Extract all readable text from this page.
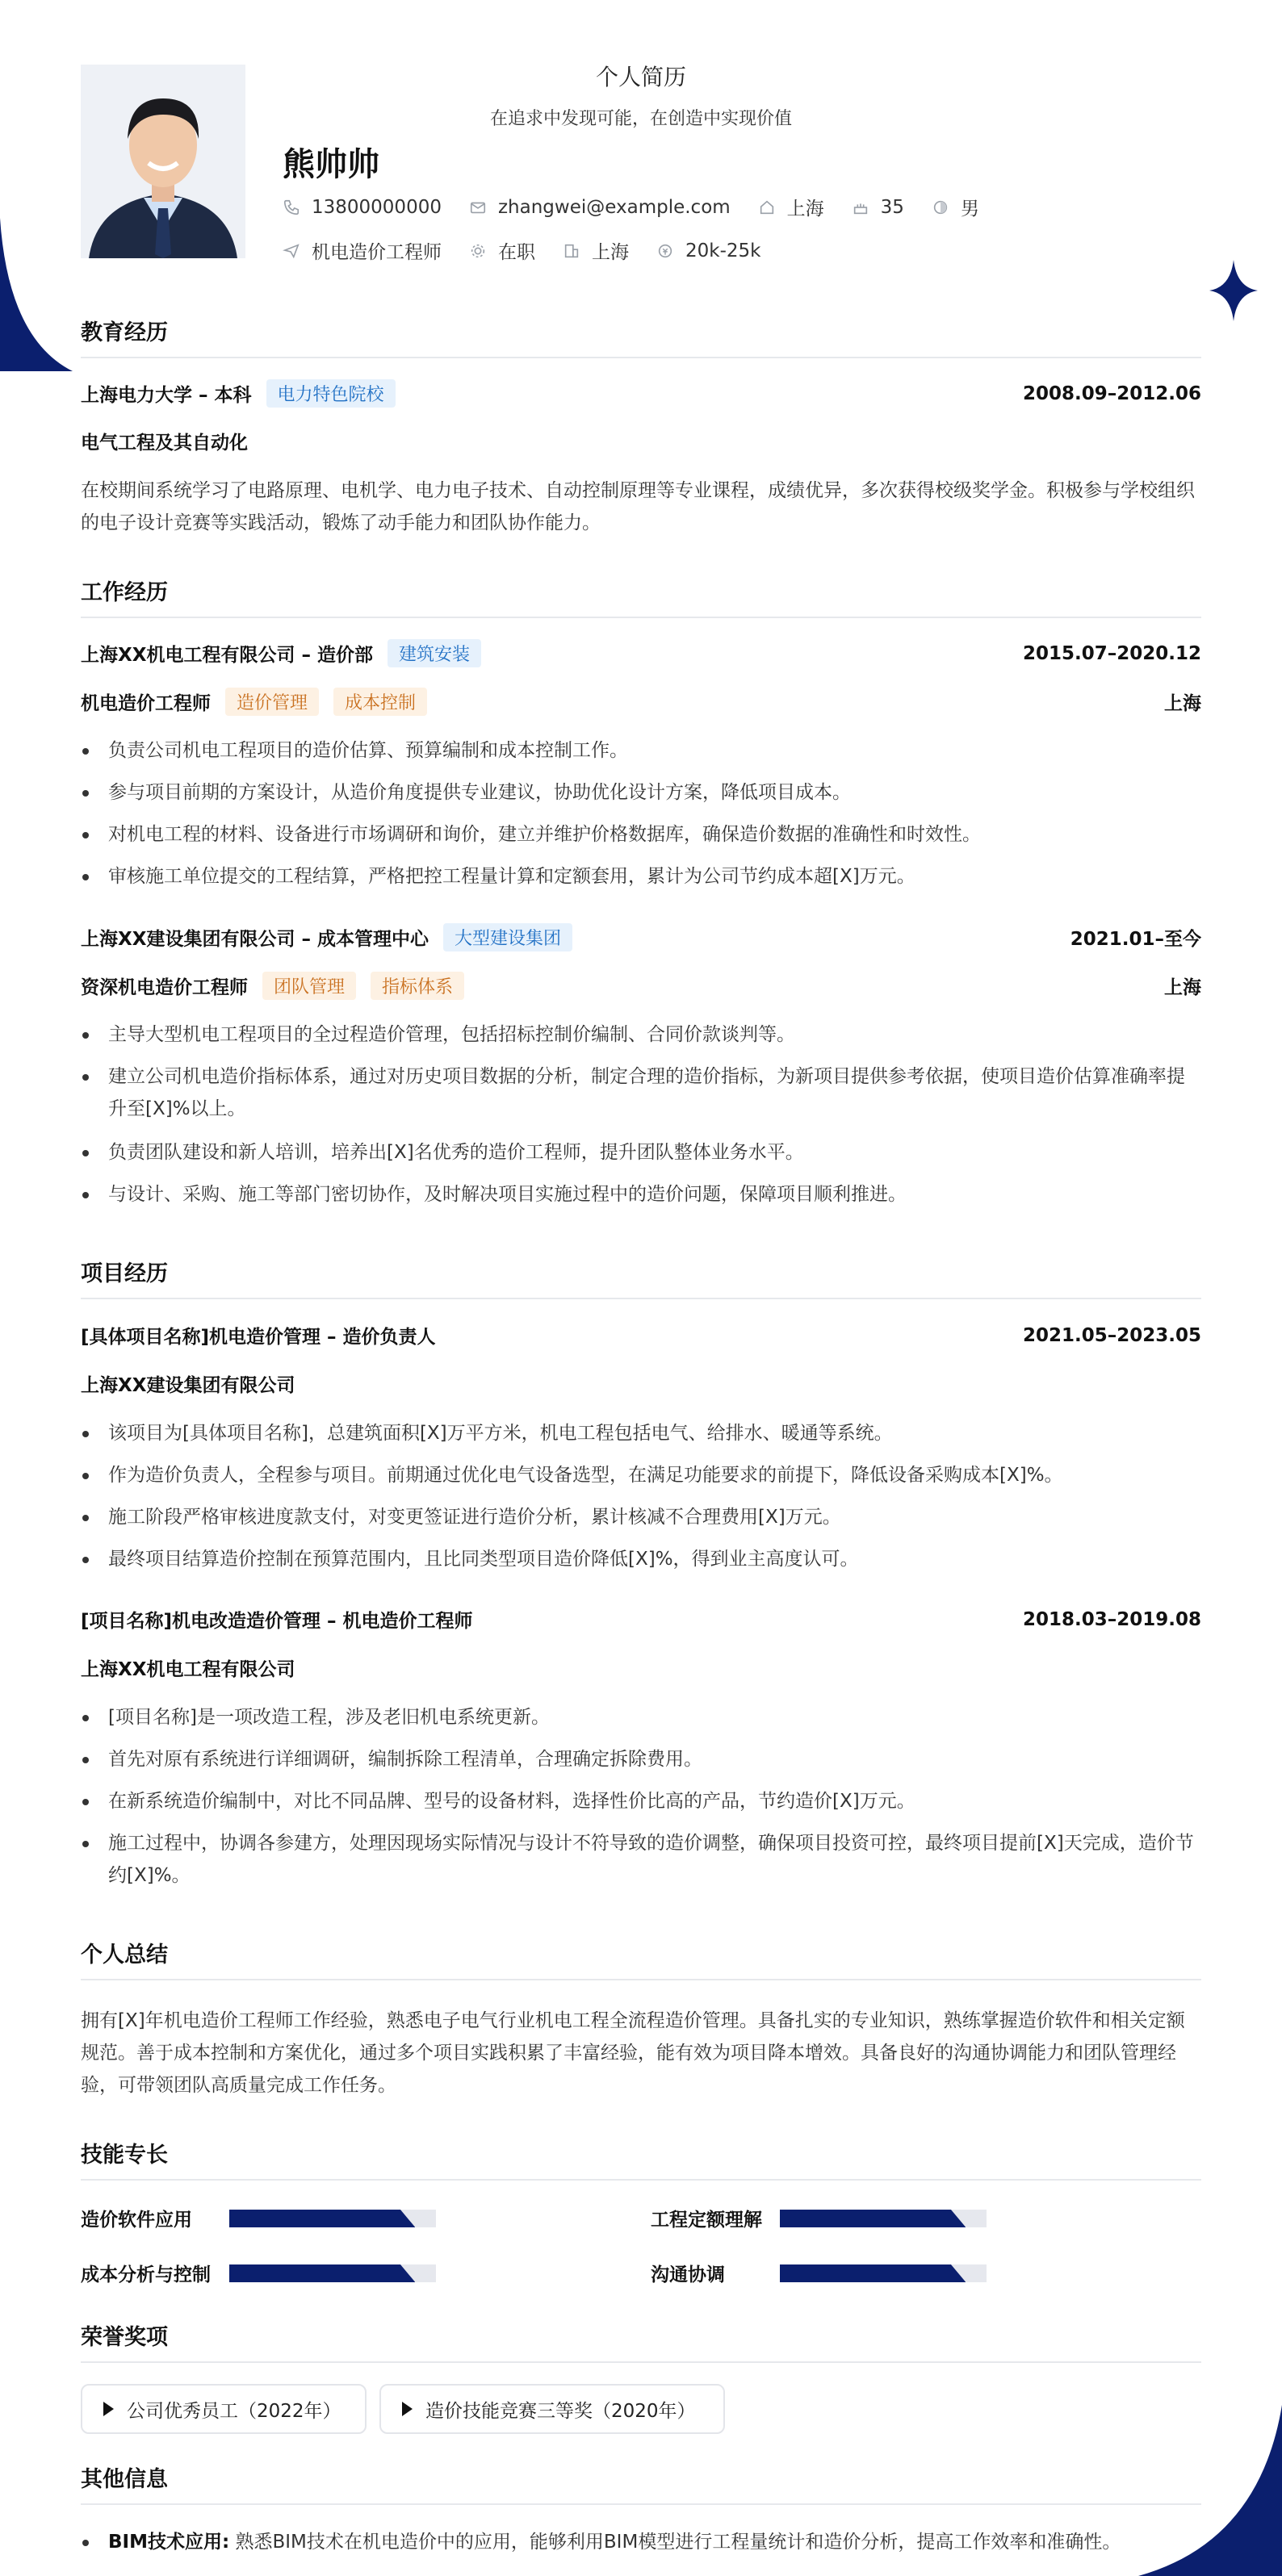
个人简历
在追求中发现可能，在创造中实现价值
熊帅帅
13800000000	zhangwei@example.com	上海	35	男
机电造价工程师	在职	上海	20k-25k
教育经历
上海电力大学 – 本科	电力特色院校	2008.09–2012.06
电气工程及其自动化
在校期间系统学习了电路原理、电机学、电力电子技术、自动控制原理等专业课程，成绩优异，多次获得校级奖学金。积极参与学校组织的电子设计竞赛等实践活动，锻炼了动手能力和团队协作能力。
工作经历
上海XX机电工程有限公司 – 造价部	建筑安装	2015.07–2020.12
机电造价工程师	造价管理	成本控制	上海
负责公司机电工程项目的造价估算、预算编制和成本控制工作。
参与项目前期的方案设计，从造价角度提供专业建议，协助优化设计方案，降低项目成本。
对机电工程的材料、设备进行市场调研和询价，建立并维护价格数据库，确保造价数据的准确性和时效性。
审核施工单位提交的工程结算，严格把控工程量计算和定额套用，累计为公司节约成本超[X]万元。
上海XX建设集团有限公司 – 成本管理中心	大型建设集团	2021.01–至今
资深机电造价工程师	团队管理	指标体系	上海
主导大型机电工程项目的全过程造价管理，包括招标控制价编制、合同价款谈判等。
建立公司机电造价指标体系，通过对历史项目数据的分析，制定合理的造价指标，为新项目提供参考依据，使项目造价估算准确率提升至[X]%以上。
负责团队建设和新人培训，培养出[X]名优秀的造价工程师，提升团队整体业务水平。
与设计、采购、施工等部门密切协作，及时解决项目实施过程中的造价问题，保障项目顺利推进。
项目经历
[具体项目名称]机电造价管理 – 造价负责人	2021.05–2023.05
上海XX建设集团有限公司
该项目为[具体项目名称]，总建筑面积[X]万平方米，机电工程包括电气、给排水、暖通等系统。
作为造价负责人，全程参与项目。前期通过优化电气设备选型，在满足功能要求的前提下，降低设备采购成本[X]%。
施工阶段严格审核进度款支付，对变更签证进行造价分析，累计核减不合理费用[X]万元。
最终项目结算造价控制在预算范围内，且比同类型项目造价降低[X]%，得到业主高度认可。
[项目名称]机电改造造价管理 – 机电造价工程师	2018.03–2019.08
上海XX机电工程有限公司
[项目名称]是一项改造工程，涉及老旧机电系统更新。
首先对原有系统进行详细调研，编制拆除工程清单，合理确定拆除费用。
在新系统造价编制中，对比不同品牌、型号的设备材料，选择性价比高的产品，节约造价[X]万元。
施工过程中，协调各参建方，处理因现场实际情况与设计不符导致的造价调整，确保项目投资可控，最终项目提前[X]天完成，造价节约[X]%。
个人总结
拥有[X]年机电造价工程师工作经验，熟悉电子电气行业机电工程全流程造价管理。具备扎实的专业知识，熟练掌握造价软件和相关定额规范。善于成本控制和方案优化，通过多个项目实践积累了丰富经验，能有效为项目降本增效。具备良好的沟通协调能力和团队管理经验，可带领团队高质量完成工作任务。
技能专长
造价软件应用	工程定额理解
成本分析与控制	沟通协调
荣誉奖项
公司优秀员工（2022年）	造价技能竞赛三等奖（2020年）
其他信息
BIM技术应用: 熟悉BIM技术在机电造价中的应用，能够利用BIM模型进行工程量统计和造价分析，提高工作效率和准确性。
